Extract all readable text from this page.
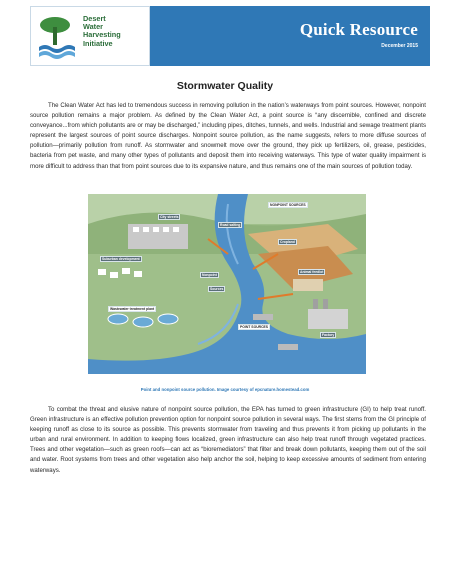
Desert
Water
Harvesting
Initiative
Quick Resource
December 2015
Stormwater Quality
The Clean Water Act has led to tremendous success in removing pollution in the nation’s waterways from point sources. However, nonpoint source pollution remains a major problem. As defined by the Clean Water Act, a point source is “any discernible, confined and discrete conveyance...from which pollutants are or may be discharged,” including pipes, ditches, tunnels, and wells. Industrial and sewage treatment plants represent the largest sources of point source discharges. Nonpoint source pollution, as the name suggests, refers to more diffuse sources of pollution—primarily pollution from runoff. As stormwater and snowmelt move over the ground, they pick up fertilizers, oil, grease, pesticides, bacteria from pet waste, and many other types of pollutants and deposit them into receiving waterways. This type of water quality impairment is more difficult to address than that from point sources due to its expansive nature, and thus remains one of the main sources of pollution today.
NONPOINT SOURCES
City streets
Road salting
Cropland
Suburban development
Animal feedlot
Nonpoint
Sources
Wastewater treatment plant
POINT SOURCES
Factory
Point and nonpoint source pollution. Image courtesy of epcnature.homestead.com
To combat the threat and elusive nature of nonpoint source pollution, the EPA has turned to green infrastructure (GI) to help treat runoff. Green infrastructure is an effective pollution prevention option for nonpoint source pollution in several ways. The first stems from the GI principle of keeping runoff as close to its source as possible. This prevents stormwater from traveling and thus prevents it from picking up pollutants in the urban and rural environment. In addition to keeping flows localized, green infrastructure can also help treat runoff through vegetated practices. Trees and other vegetation—such as green roofs—can act as “bioremediators” that filter and break down pollutants, keeping them out of the soil and water. Root systems from trees and other vegetation also help anchor the soil, helping to keep excessive amounts of sediment from entering waterways.
